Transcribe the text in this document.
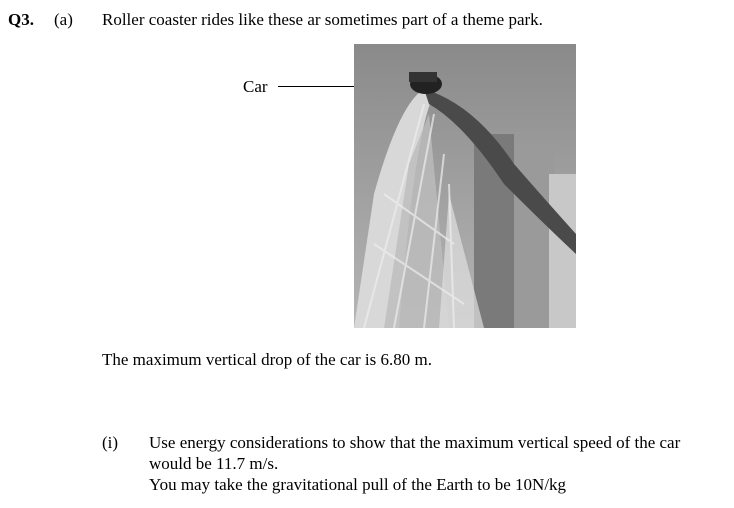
Q3. (a) Roller coaster rides like these ar sometimes part of a theme park.
Car
The maximum vertical drop of the car is 6.80 m.
(i) Use energy considerations to show that the maximum vertical speed of the car
would be 11.7 m/s.
You may take the gravitational pull of the Earth to be 10N/kg
